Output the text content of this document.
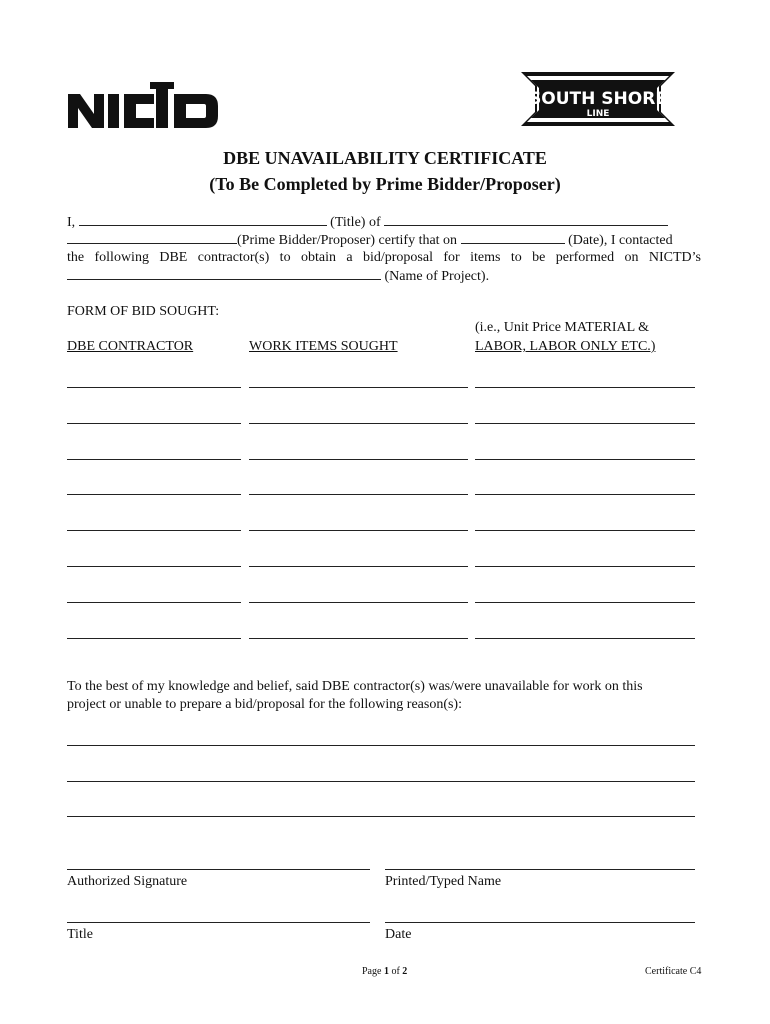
SOUTH SHORE
LINE
DBE UNAVAILABILITY CERTIFICATE
(To Be Completed by Prime Bidder/Proposer)
I,	(Title) of
(Prime Bidder/Proposer) certify that on	(Date), I contacted
the following DBE contractor(s) to obtain a bid/proposal for items to be performed on NICTD’s
(Name of Project).
FORM OF BID SOUGHT:
(i.e., Unit Price MATERIAL &
DBE CONTRACTOR	WORK ITEMS SOUGHT	LABOR, LABOR ONLY ETC.)
To the best of my knowledge and belief, said DBE contractor(s) was/were unavailable for work on this
project or unable to prepare a bid/proposal for the following reason(s):
Authorized Signature	Printed/Typed Name
Title	Date
Page 1 of 2	Certificate C4
